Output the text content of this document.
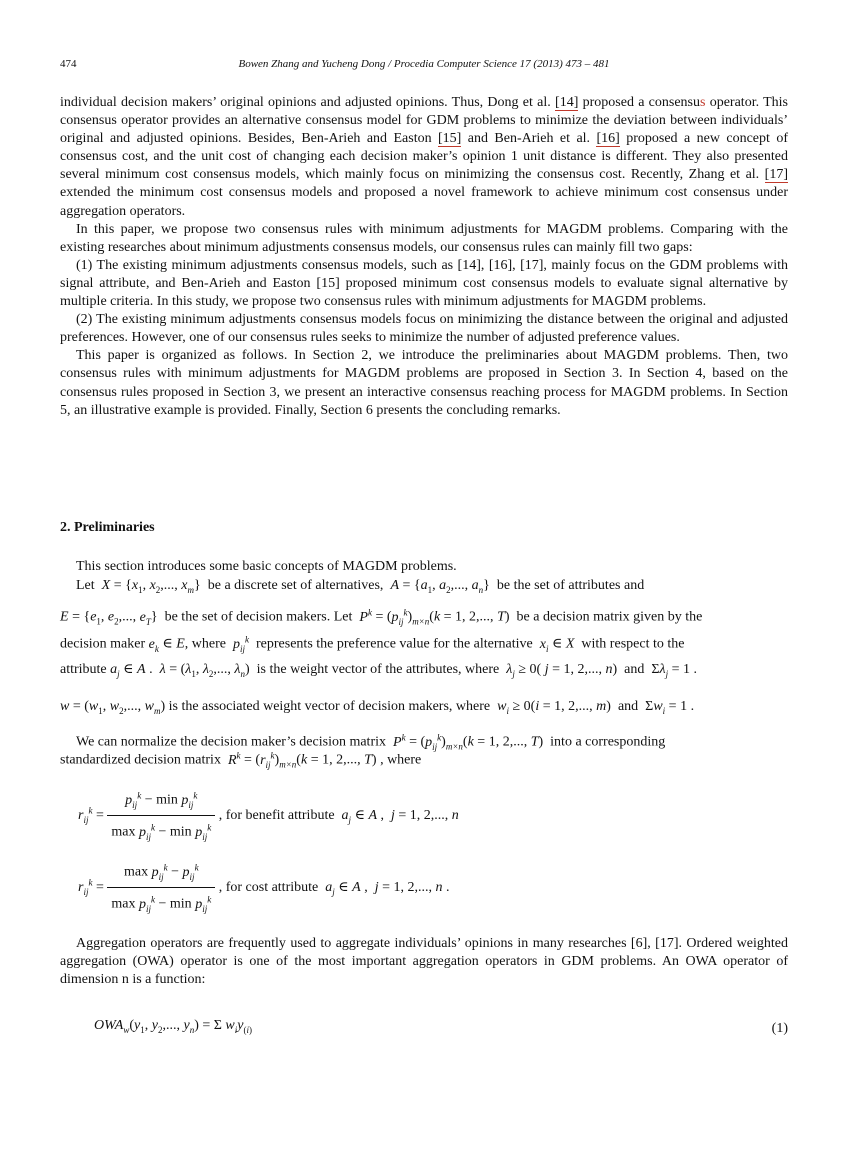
474	Bowen Zhang and Yucheng Dong / Procedia Computer Science 17 (2013) 473 – 481

individual decision makers’ original opinions and adjusted opinions. Thus, Dong et al. [14] proposed a consensus operator. This consensus operator provides an alternative consensus model for GDM problems to minimize the deviation between individuals’ original and adjusted opinions. Besides, Ben-Arieh and Easton [15] and Ben-Arieh et al. [16] proposed a new concept of consensus cost, and the unit cost of changing each decision maker’s opinion 1 unit distance is different. They also presented several minimum cost consensus models, which mainly focus on minimizing the consensus cost. Recently, Zhang et al. [17] extended the minimum cost consensus models and proposed a novel framework to achieve minimum cost consensus under aggregation operators.

In this paper, we propose two consensus rules with minimum adjustments for MAGDM problems. Comparing with the existing researches about minimum adjustments consensus models, our consensus rules can mainly fill two gaps:

(1) The existing minimum adjustments consensus models, such as [14], [16], [17], mainly focus on the GDM problems with signal attribute, and Ben-Arieh and Easton [15] proposed minimum cost consensus models to evaluate signal alternative by multiple criteria. In this study, we propose two consensus rules with minimum adjustments for MAGDM problems.

(2) The existing minimum adjustments consensus models focus on minimizing the distance between the original and adjusted preferences. However, one of our consensus rules seeks to minimize the number of adjusted preference values.

This paper is organized as follows. In Section 2, we introduce the preliminaries about MAGDM problems. Then, two consensus rules with minimum adjustments for MAGDM problems are proposed in Section 3. In Section 4, based on the consensus rules proposed in Section 3, we present an interactive consensus reaching process for MAGDM problems. In Section 5, an illustrative example is provided. Finally, Section 6 presents the concluding remarks.

2. Preliminaries
This section introduces some basic concepts of MAGDM problems.
Let $X = \{x_1$, $x_2$,..., $x_m$}  be a discrete set of alternatives, $A = \{a_1$, $a_2$,..., $a_n$}  be the set of attributes and
$E = \{e_1$, $e_2$,..., $e_T$}  be the set of decision makers. Let $P^k = (p_{ij}^k)_{m\times n}(k = 1$, 2,..., T)  be a decision matrix given by the
decision maker $e_k$ ∈ E, where $p_{ij}^k$ represents the preference value for the alternative $x_i$ ∈ X with respect to the
attribute $a_j$ ∈ A .  $\lambda = (\lambda_1$, $\lambda_2$,..., $\lambda_n$)  is the weight vector of the attributes, where $\lambda_j \ge 0$( j = 1, 2,..., n)  and  $\Sigma\lambda_j = 1$ .
$w = (w_1$, $w_2$,..., $w_m$) is the associated weight vector of decision makers, where $w_i \ge 0(i = 1$, 2,..., m)  and  $\Sigma w_i = 1$ .
We can normalize the decision maker’s decision matrix $P^k = (p_{ij}^k)_{m\times n}(k = 1$, 2,..., T)  into a corresponding
standardized decision matrix $R^k = (r_{ij}^k)_{m\times n}(k = 1$, 2,..., T) , where
$r_{ij}^k = \frac{p_{ij}^k - \min p_{ij}^k}{\max p_{ij}^k - \min p_{ij}^k}$ , for benefit attribute $a_j$ ∈ A ,  j = 1, 2,..., n
$r_{ij}^k = \frac{\max p_{ij}^k - p_{ij}^k}{\max p_{ij}^k - \min p_{ij}^k}$ , for cost attribute $a_j$ ∈ A ,  j = 1, 2,..., n .
Aggregation operators are frequently used to aggregate individuals’ opinions in many researches [6], [17]. Ordered weighted aggregation (OWA) operator is one of the most important aggregation operators in GDM problems. An OWA operator of dimension n is a function:
$OWA_w(y_1$, $y_2$,..., $y_n) = \Sigma$ $w_iy_{(i)}$	(1)
